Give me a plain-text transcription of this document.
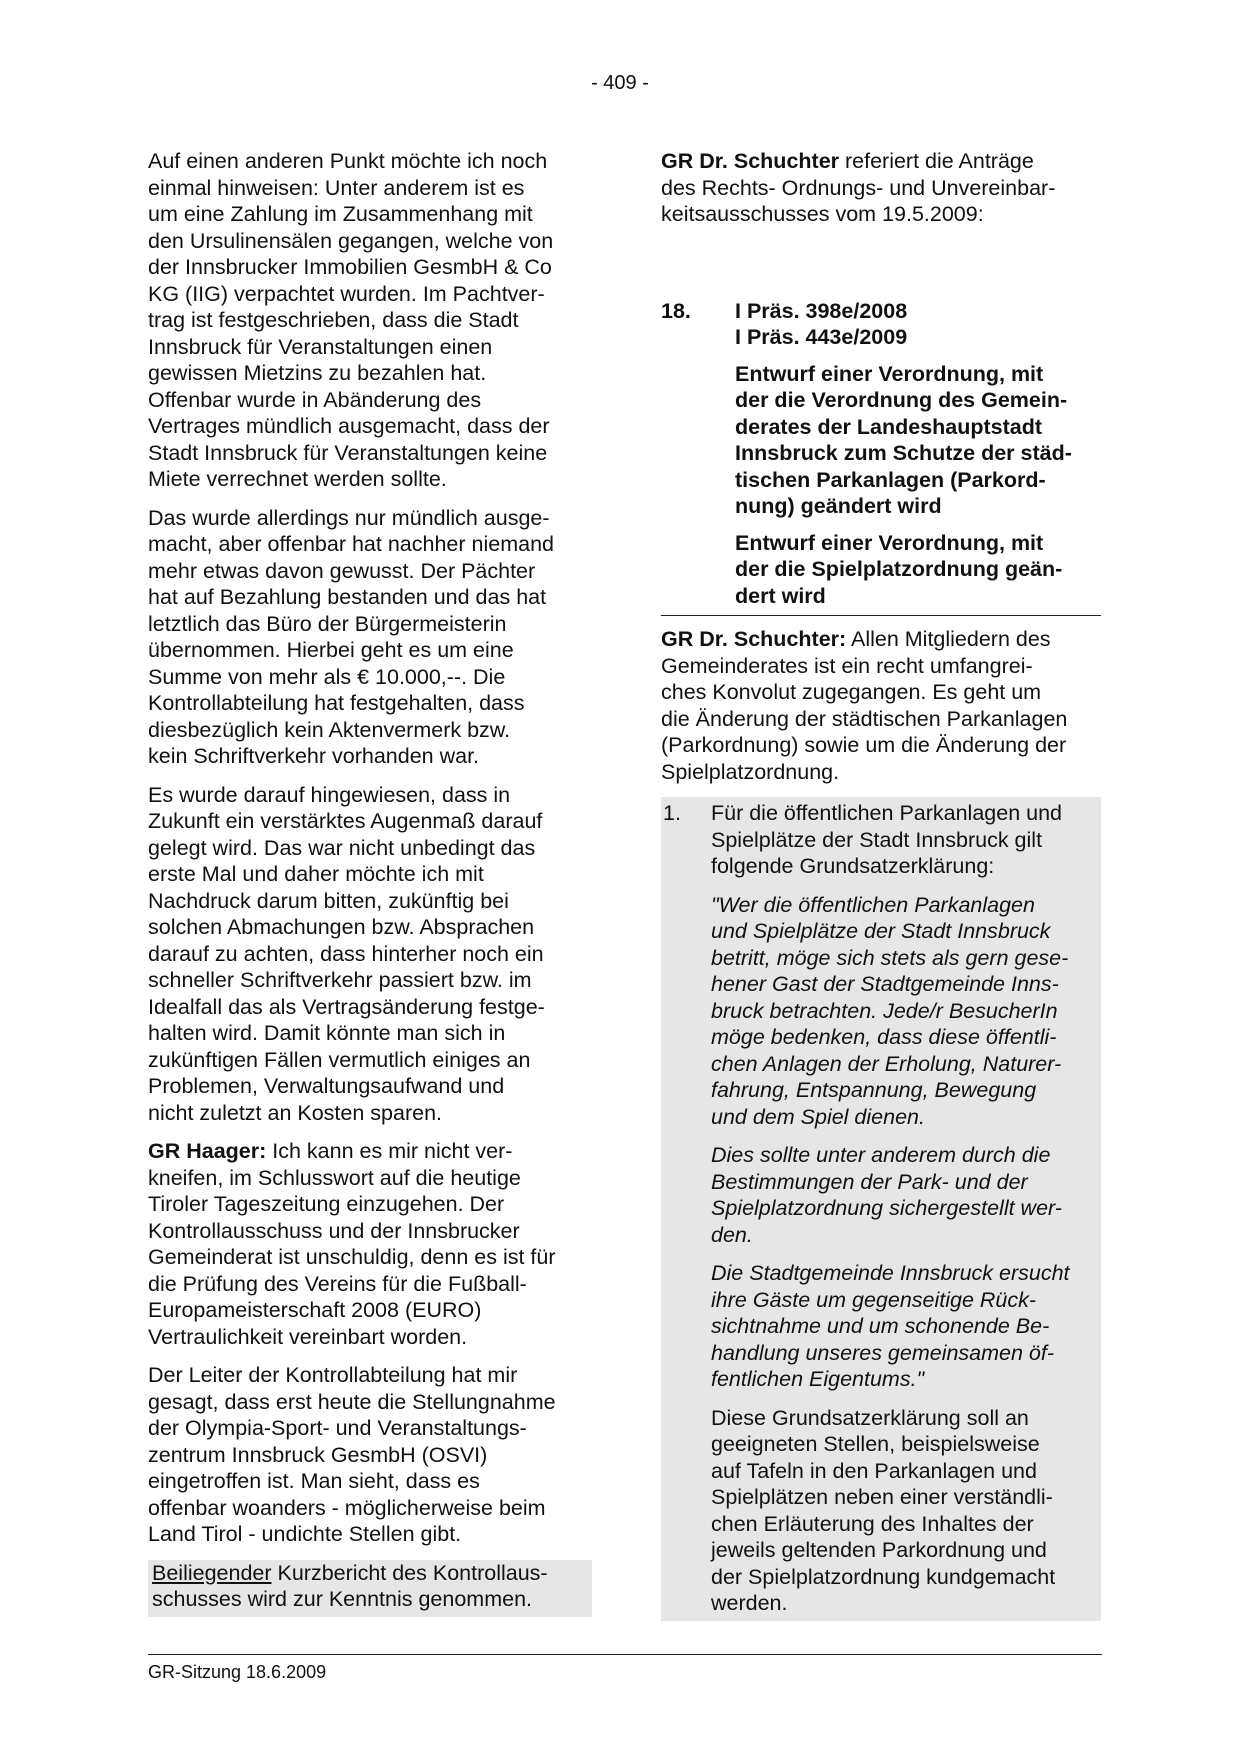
- 409 -

Auf einen anderen Punkt möchte ich noch
einmal hinweisen: Unter anderem ist es
um eine Zahlung im Zusammenhang mit
den Ursulinensälen gegangen, welche von
der Innsbrucker Immobilien GesmbH & Co
KG (IIG) verpachtet wurden. Im Pachtver-
trag ist festgeschrieben, dass die Stadt
Innsbruck für Veranstaltungen einen
gewissen Mietzins zu bezahlen hat.
Offenbar wurde in Abänderung des
Vertrages mündlich ausgemacht, dass der
Stadt Innsbruck für Veranstaltungen keine
Miete verrechnet werden sollte.

Das wurde allerdings nur mündlich ausge-
macht, aber offenbar hat nachher niemand
mehr etwas davon gewusst. Der Pächter
hat auf Bezahlung bestanden und das hat
letztlich das Büro der Bürgermeisterin
übernommen. Hierbei geht es um eine
Summe von mehr als € 10.000,--. Die
Kontrollabteilung hat festgehalten, dass
diesbezüglich kein Aktenvermerk bzw.
kein Schriftverkehr vorhanden war.

Es wurde darauf hingewiesen, dass in
Zukunft ein verstärktes Augenmaß darauf
gelegt wird. Das war nicht unbedingt das
erste Mal und daher möchte ich mit
Nachdruck darum bitten, zukünftig bei
solchen Abmachungen bzw. Absprachen
darauf zu achten, dass hinterher noch ein
schneller Schriftverkehr passiert bzw. im
Idealfall das als Vertragsänderung festge-
halten wird. Damit könnte man sich in
zukünftigen Fällen vermutlich einiges an
Problemen, Verwaltungsaufwand und
nicht zuletzt an Kosten sparen.

GR Haager: Ich kann es mir nicht ver-
kneifen, im Schlusswort auf die heutige
Tiroler Tageszeitung einzugehen. Der
Kontrollausschuss und der Innsbrucker
Gemeinderat ist unschuldig, denn es ist für
die Prüfung des Vereins für die Fußball-
Europameisterschaft 2008 (EURO)
Vertraulichkeit vereinbart worden.

Der Leiter der Kontrollabteilung hat mir
gesagt, dass erst heute die Stellungnahme
der Olympia-Sport- und Veranstaltungs-
zentrum Innsbruck GesmbH (OSVI)
eingetroffen ist. Man sieht, dass es
offenbar woanders - möglicherweise beim
Land Tirol - undichte Stellen gibt.

Beiliegender Kurzbericht des Kontrollaus-
schusses wird zur Kenntnis genommen.

GR Dr. Schuchter referiert die Anträge
des Rechts- Ordnungs- und Unvereinbar-
keitsausschusses vom 19.5.2009:

18.	I Präs. 398e/2008
I Präs. 443e/2009
Entwurf einer Verordnung, mit
der die Verordnung des Gemein-
derates der Landeshauptstadt
Innsbruck zum Schutze der städ-
tischen Parkanlagen (Parkord-
nung) geändert wird
Entwurf einer Verordnung, mit
der die Spielplatzordnung geän-
dert wird

GR Dr. Schuchter: Allen Mitgliedern des
Gemeinderates ist ein recht umfangrei-
ches Konvolut zugegangen. Es geht um
die Änderung der städtischen Parkanlagen
(Parkordnung) sowie um die Änderung der
Spielplatzordnung.

1.	Für die öffentlichen Parkanlagen und
Spielplätze der Stadt Innsbruck gilt
folgende Grundsatzerklärung:

"Wer die öffentlichen Parkanlagen
und Spielplätze der Stadt Innsbruck
betritt, möge sich stets als gern gese-
hener Gast der Stadtgemeinde Inns-
bruck betrachten. Jede/r BesucherIn
möge bedenken, dass diese öffentli-
chen Anlagen der Erholung, Naturer-
fahrung, Entspannung, Bewegung
und dem Spiel dienen.

Dies sollte unter anderem durch die
Bestimmungen der Park- und der
Spielplatzordnung sichergestellt wer-
den.

Die Stadtgemeinde Innsbruck ersucht
ihre Gäste um gegenseitige Rück-
sichtnahme und um schonende Be-
handlung unseres gemeinsamen öf-
fentlichen Eigentums."

Diese Grundsatzerklärung soll an
geeigneten Stellen, beispielsweise
auf Tafeln in den Parkanlagen und
Spielplätzen neben einer verständli-
chen Erläuterung des Inhaltes der
jeweils geltenden Parkordnung und
der Spielplatzordnung kundgemacht
werden.

GR-Sitzung 18.6.2009
